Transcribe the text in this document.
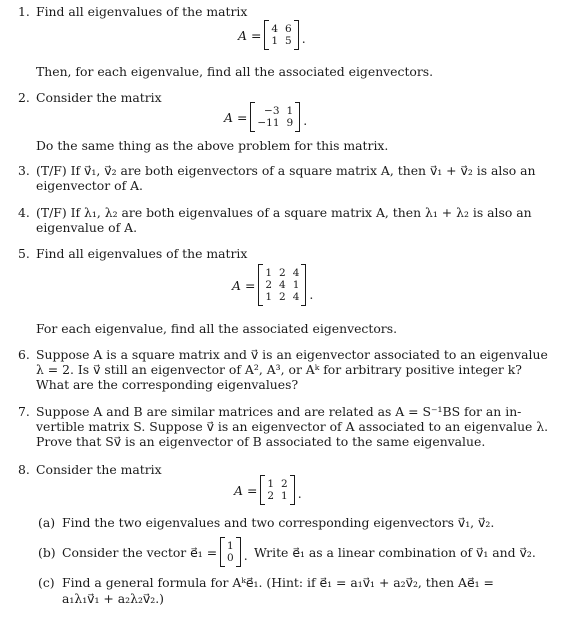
1. Find all eigenvalues of the matrix
A = 4 6
1 5 .
Then, for each eigenvalue, find all the associated eigenvectors.
2. Consider the matrix
A =	−3 1
−11 9 .
Do the same thing as the above problem for this matrix.
3. (T/F) If v⃗₁, v⃗₂ are both eigenvectors of a square matrix A, then v⃗₁ + v⃗₂ is also an
eigenvector of A.
4. (T/F) If λ₁, λ₂ are both eigenvalues of a square matrix A, then λ₁ + λ₂ is also an
eigenvalue of A.
5. Find all eigenvalues of the matrix
A =
1 2 4
2 4 1
1 2 4 .
For each eigenvalue, find all the associated eigenvectors.
6. Suppose A is a square matrix and v⃗ is an eigenvector associated to an eigenvalue
λ = 2. Is v⃗ still an eigenvector of A², A³, or Aᵏ for arbitrary positive integer k?
What are the corresponding eigenvalues?
7. Suppose A and B are similar matrices and are related as A = S⁻¹BS for an in-
vertible matrix S. Suppose v⃗ is an eigenvector of A associated to an eigenvalue λ.
Prove that Sv⃗ is an eigenvector of B associated to the same eigenvalue.
8. Consider the matrix
A = 1 2
2 1 .
(a) Find the two eigenvalues and two corresponding eigenvectors v⃗₁, v⃗₂.
(b) Consider the vector e⃗₁ = 1
0 . Write e⃗₁ as a linear combination of v⃗₁ and v⃗₂.
(c) Find a general formula for Aᵏe⃗₁. (Hint: if e⃗₁ = a₁v⃗₁ + a₂v⃗₂, then Ae⃗₁ =
a₁λ₁v⃗₁ + a₂λ₂v⃗₂.)
